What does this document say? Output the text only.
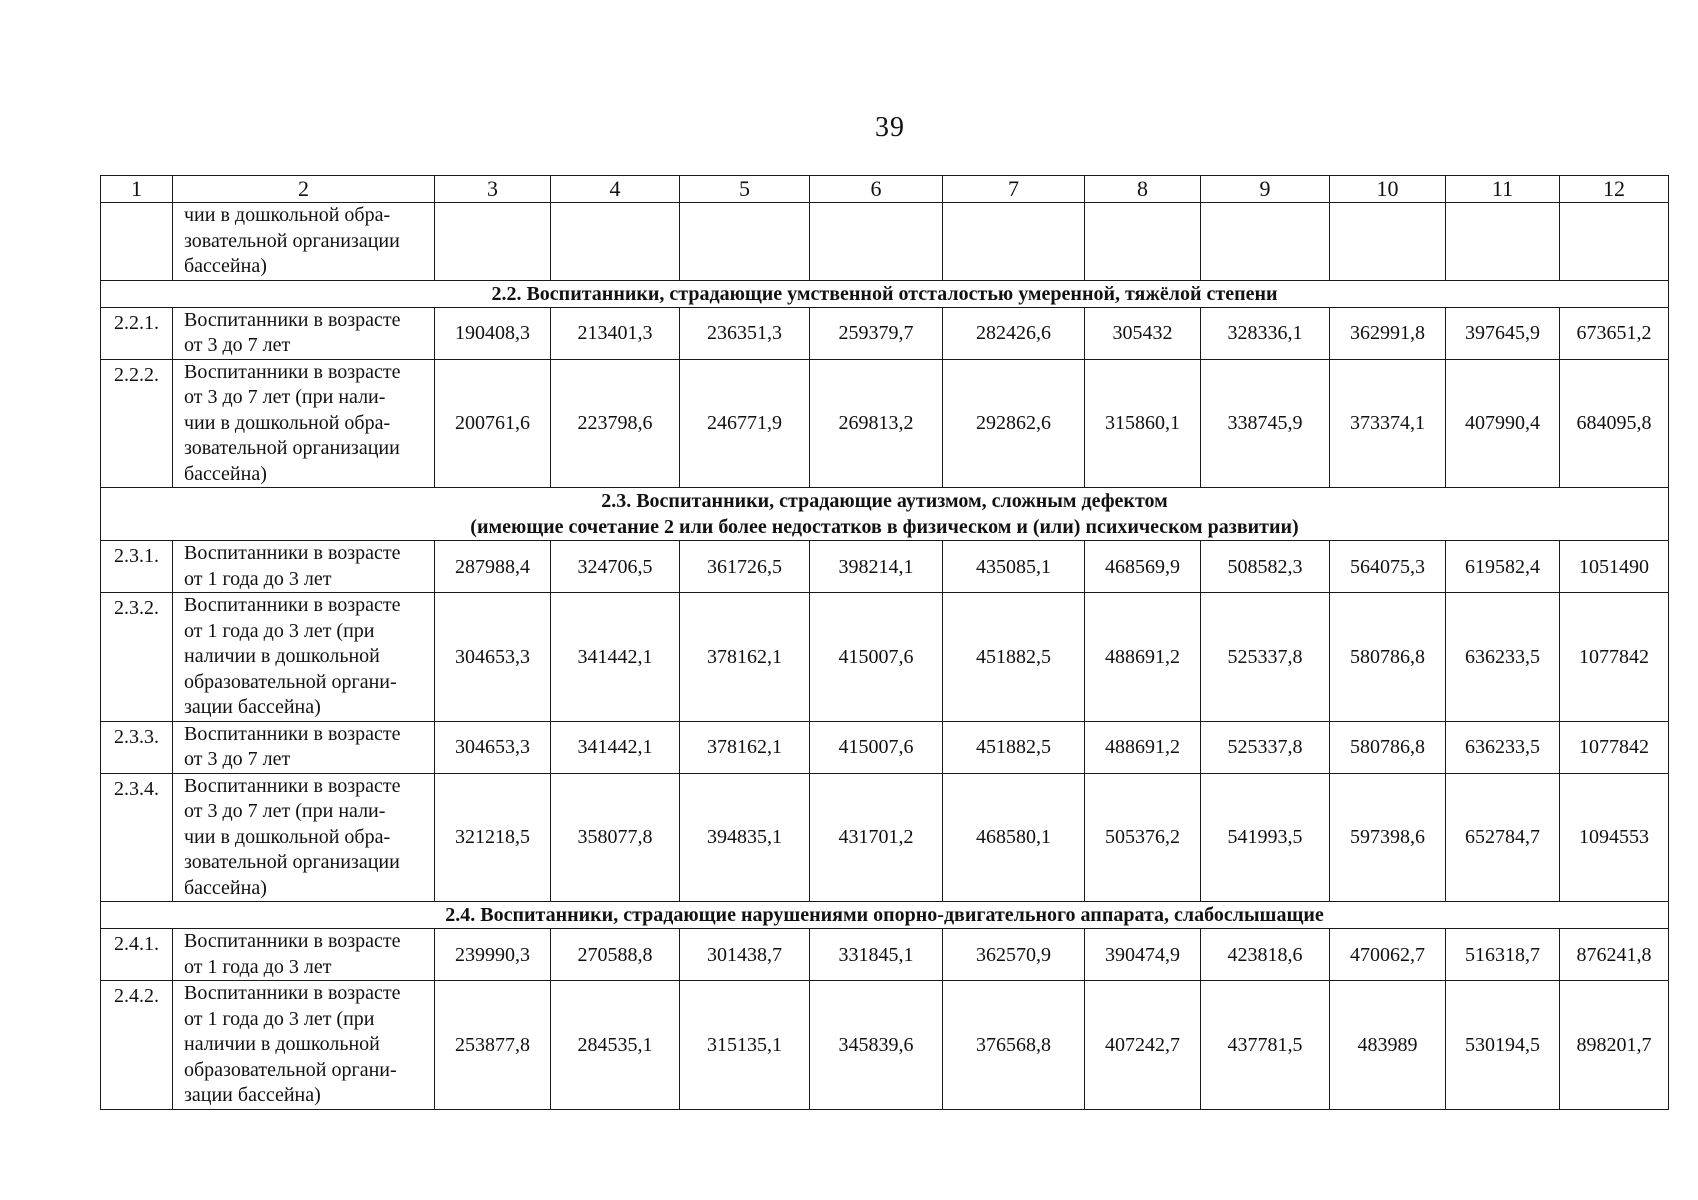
39
1	2	3	4	5	6	7	8	9	10	11	12
	чии в дошкольной обра-
зовательной организации
бассейна)										
2.2. Воспитанники, страдающие умственной отсталостью умеренной, тяжёлой степени											
2.2.1.	Воспитанники в возрасте
от 3 до 7 лет	190408,3	213401,3	236351,3	259379,7	282426,6	305432	328336,1	362991,8	397645,9	673651,2
2.2.2.	Воспитанники в возрасте
от 3 до 7 лет (при нали-
чии в дошкольной обра-
зовательной организации
бассейна)	200761,6	223798,6	246771,9	269813,2	292862,6	315860,1	338745,9	373374,1	407990,4	684095,8
2.3. Воспитанники, страдающие аутизмом, сложным дефектом
(имеющие сочетание 2 или более недостатков в физическом и (или) психическом развитии)											
2.3.1.	Воспитанники в возрасте
от 1 года до 3 лет	287988,4	324706,5	361726,5	398214,1	435085,1	468569,9	508582,3	564075,3	619582,4	1051490
2.3.2.	Воспитанники в возрасте
от 1 года до 3 лет (при
наличии в дошкольной
образовательной органи-
зации бассейна)	304653,3	341442,1	378162,1	415007,6	451882,5	488691,2	525337,8	580786,8	636233,5	1077842
2.3.3.	Воспитанники в возрасте
от 3 до 7 лет	304653,3	341442,1	378162,1	415007,6	451882,5	488691,2	525337,8	580786,8	636233,5	1077842
2.3.4.	Воспитанники в возрасте
от 3 до 7 лет (при нали-
чии в дошкольной обра-
зовательной организации
бассейна)	321218,5	358077,8	394835,1	431701,2	468580,1	505376,2	541993,5	597398,6	652784,7	1094553
2.4. Воспитанники, страдающие нарушениями опорно-двигательного аппарата, слабослышащие											
2.4.1.	Воспитанники в возрасте
от 1 года до 3 лет	239990,3	270588,8	301438,7	331845,1	362570,9	390474,9	423818,6	470062,7	516318,7	876241,8
2.4.2.	Воспитанники в возрасте
от 1 года до 3 лет (при
наличии в дошкольной
образовательной органи-
зации бассейна)	253877,8	284535,1	315135,1	345839,6	376568,8	407242,7	437781,5	483989	530194,5	898201,7
